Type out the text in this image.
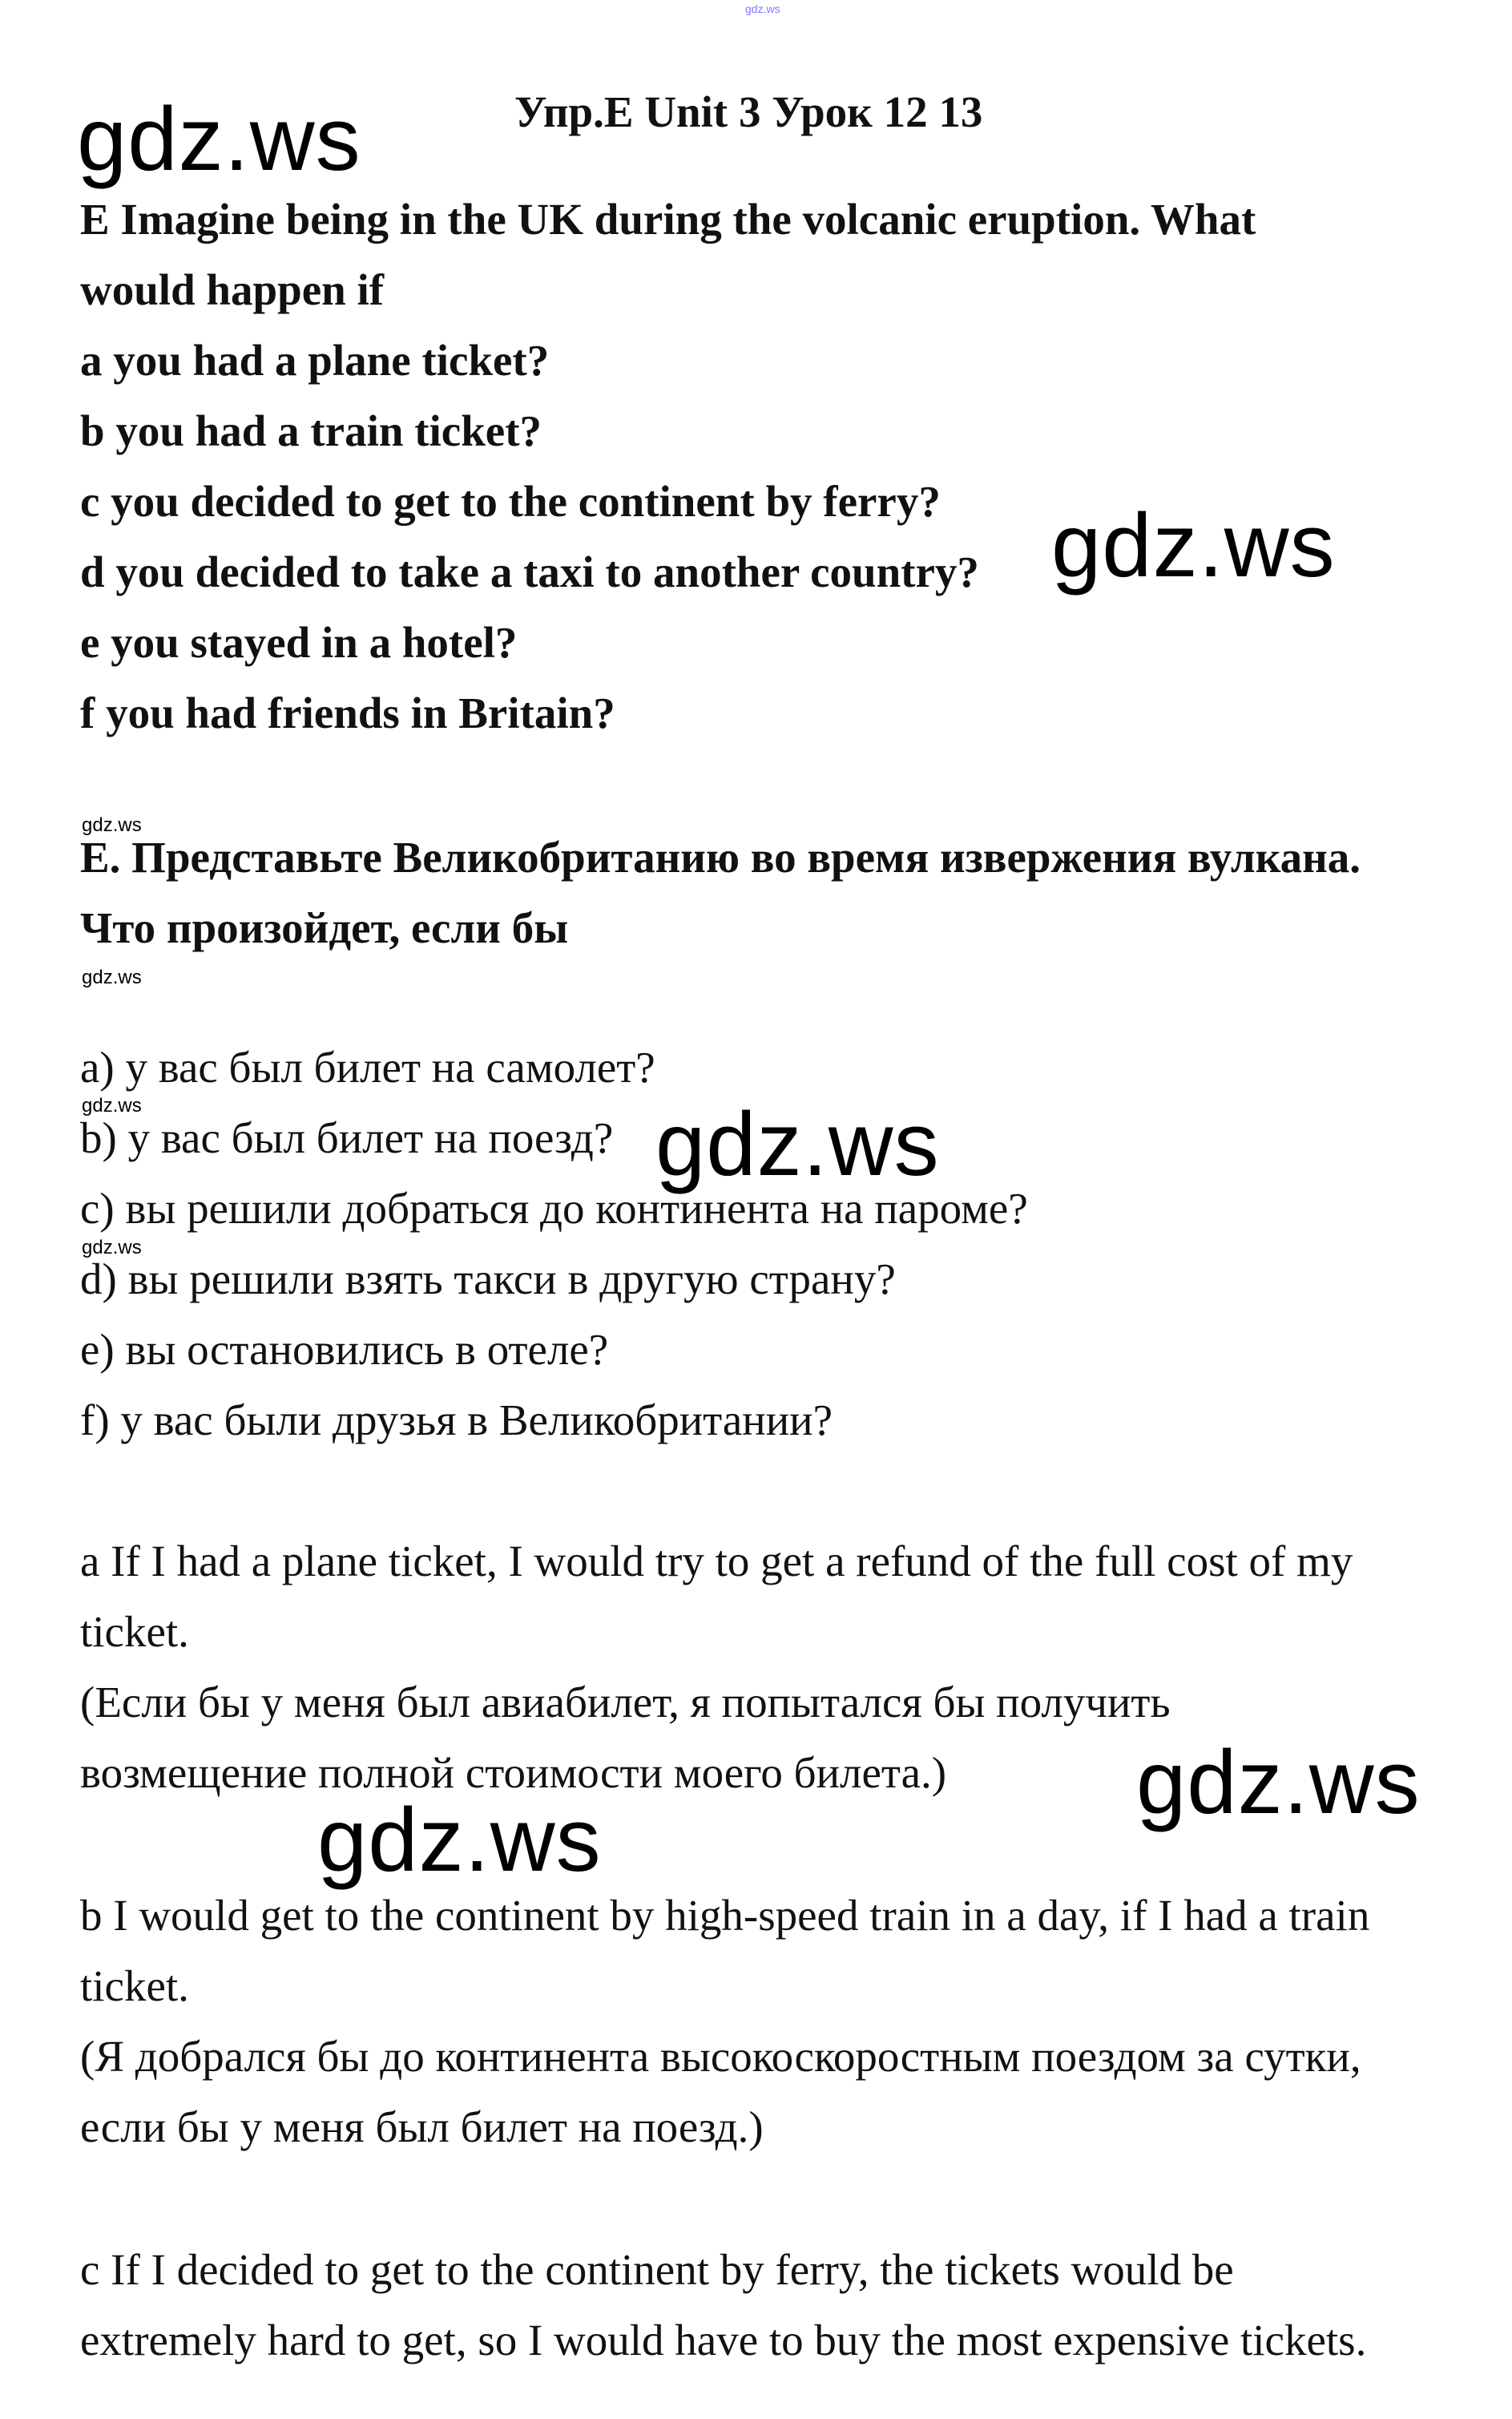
gdz.ws
Упр.E Unit 3 Урок 12 13
gdz.ws
gdz.ws
gdz.ws
gdz.ws
gdz.ws
gdz.ws
gdz.ws
gdz.ws
gdz.ws
E Imagine being in the UK during the volcanic eruption. What
would happen if
a you had a plane ticket?
b you had a train ticket?
c you decided to get to the continent by ferry?
d you decided to take a taxi to another country?
e you stayed in a hotel?
f you had friends in Britain?
Е. Представьте Великобританию во время извержения вулкана.
Что произойдет, если бы
a) у вас был билет на самолет?
b) у вас был билет на поезд?
c) вы решили добраться до континента на пароме?
d) вы решили взять такси в другую страну?
e) вы остановились в отеле?
f) у вас были друзья в Великобритании?
a If I had a plane ticket, I would try to get a refund of the full cost of my
ticket.
(Если бы у меня был авиабилет, я попытался бы получить
возмещение полной стоимости моего билета.)
b I would get to the continent by high-speed train in a day, if I had a train
ticket.
(Я добрался бы до континента высокоскоростным поездом за сутки,
если бы у меня был билет на поезд.)
c If I decided to get to the continent by ferry, the tickets would be
extremely hard to get, so I would have to buy the most expensive tickets.
